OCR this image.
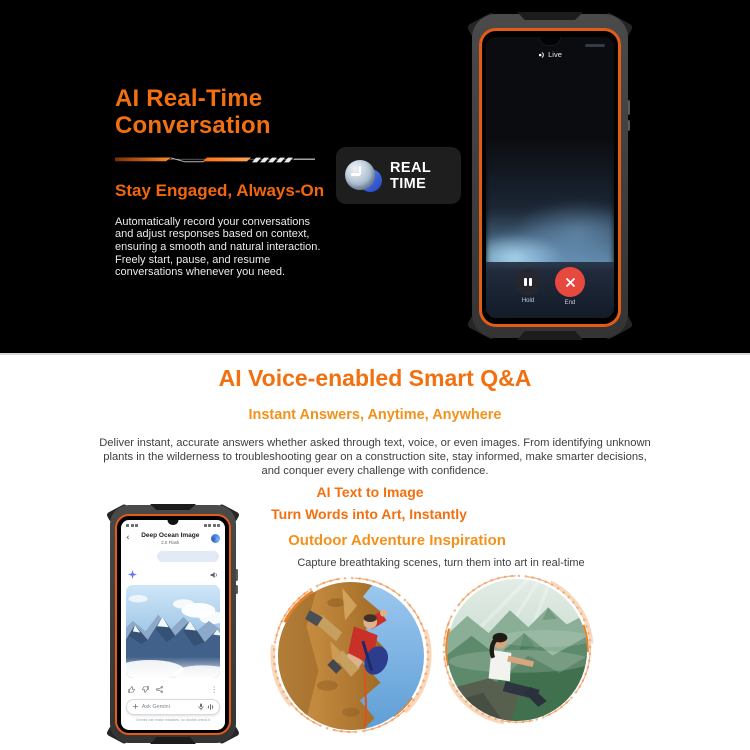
AI Real-Time
Conversation
Stay Engaged, Always-On

Automatically record your conversations and adjust responses based on context, ensuring a smooth and natural interaction. Freely start, pause, and resume conversations whenever you need.

REAL TIME
Live
Hold	End
AI Voice-enabled Smart Q&A
Instant Answers, Anytime, Anywhere

Deliver instant, accurate answers whether asked through text, voice, or even images. From identifying unknown plants in the wilderness to troubleshooting gear on a construction site, stay informed, make smarter decisions, and conquer every challenge with confidence.

AI Text to Image
Turn Words into Art, Instantly
Outdoor Adventure Inspiration
Capture breathtaking scenes, turn them into art in real-time
‹	Deep Ocean Image
2.0 Flash
⋮
+
Ask Gemini
Gemini can make mistakes, so double-check it
